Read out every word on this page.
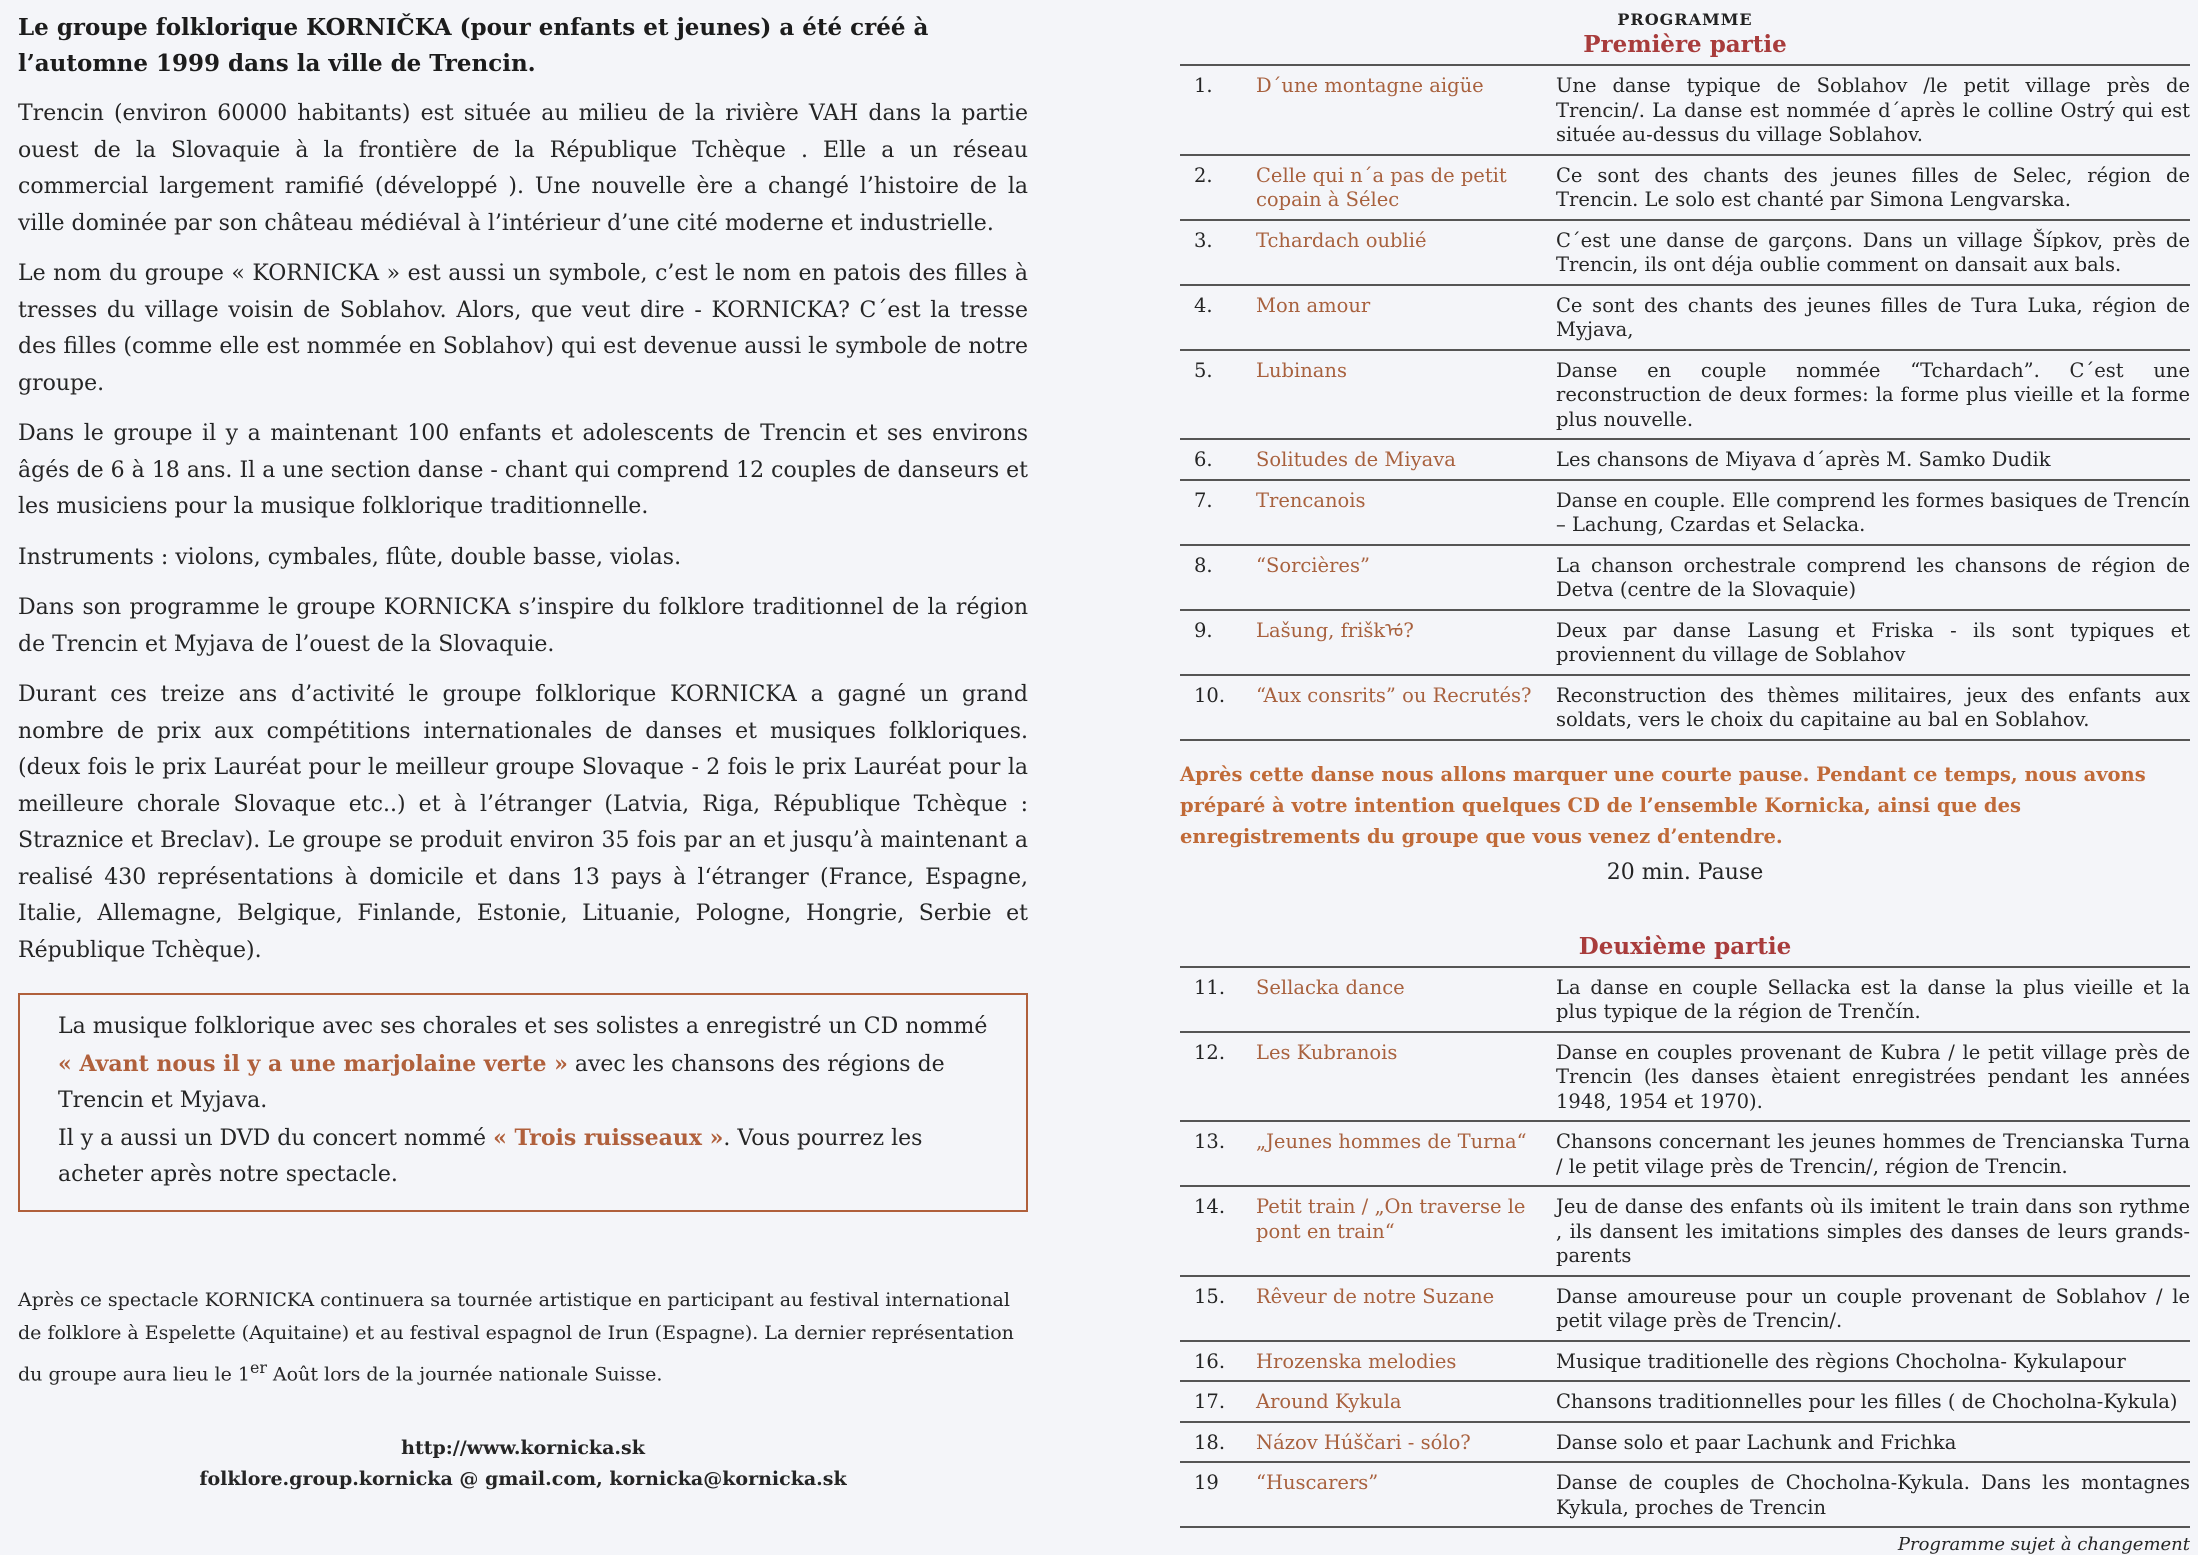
Le groupe folklorique KORNIČKA (pour enfants et jeunes) a été créé à l’automne 1999 dans la ville de Trencin.

Trencin (environ 60000 habitants) est située au milieu de la rivière VAH dans la partie ouest de la Slovaquie à la frontière de la République Tchèque . Elle a un réseau commercial largement ramifié (développé ). Une nouvelle ère a changé l’histoire de la ville dominée par son château médiéval à l’intérieur d’une cité moderne et industrielle.

Le nom du groupe « KORNICKA » est aussi un symbole, c’est le nom en patois des filles à tresses du village voisin de Soblahov. Alors, que veut dire - KORNICKA? C´est la tresse des filles (comme elle est nommée en Soblahov) qui est devenue aussi le symbole de notre groupe.

Dans le groupe il y a maintenant 100 enfants et adolescents de Trencin et ses environs âgés de 6 à 18 ans. Il a une section danse - chant qui comprend 12 couples de danseurs et les musiciens pour la musique folklorique traditionnelle.

Instruments : violons, cymbales, flûte, double basse, violas.

Dans son programme le groupe KORNICKA s’inspire du folklore traditionnel de la région de Trencin et Myjava de l’ouest de la Slovaquie.

Durant ces treize ans d’activité le groupe folklorique KORNICKA a gagné un grand nombre de prix aux compétitions internationales de danses et musiques folkloriques. (deux fois le prix Lauréat pour le meilleur groupe Slovaque - 2 fois le prix Lauréat pour la meilleure chorale Slovaque etc..) et à l’étranger (Latvia, Riga, République Tchèque : Straznice et Breclav). Le groupe se produit environ 35 fois par an et jusqu’à maintenant a realisé 430 représentations à domicile et dans 13 pays à l‘étranger (France, Espagne, Italie, Allemagne, Belgique, Finlande, Estonie, Lituanie, Pologne, Hongrie, Serbie et République Tchèque).

La musique folklorique avec ses chorales et ses solistes a enregistré un CD nommé « Avant nous il y a une marjolaine verte » avec les chansons des régions de Trencin et Myjava.
Il y a aussi un DVD du concert nommé « Trois ruisseaux ». Vous pourrez les acheter après notre spectacle.

Après ce spectacle KORNICKA continuera sa tournée artistique en participant au festival international de folklore à Espelette (Aquitaine) et au festival espagnol de Irun (Espagne). La dernier représentation du groupe aura lieu le 1er Août lors de la journée nationale Suisse.

http://www.kornicka.sk
folklore.group.kornicka @ gmail.com, kornicka@kornicka.sk
PROGRAMME
Première partie
1.	D´une montagne aigüe	Une danse typique de Soblahov /le petit village près de Trencin/. La danse est nommée d´après le colline Ostrý qui est située au-dessus du village Soblahov.
2.	Celle qui n´a pas de petit copain à Sélec	Ce sont des chants des jeunes filles de Selec, région de Trencin. Le solo est chanté par Simona Lengvarska.
3.	Tchardach oublié	C´est une danse de garçons. Dans un village Šípkov, près de Trencin, ils ont déja oublie comment on dansait aux bals.
4.	Mon amour	Ce sont des chants des jeunes filles de Tura Luka, région de Myjava,
5.	Lubinans	Danse en couple nommée “Tchardach”. C´est une reconstruction de deux formes: la forme plus vieille et la forme plus nouvelle.
6.	Solitudes de Miyava	Les chansons de Miyava d´après M. Samko Dudik
7.	Trencanois	Danse en couple. Elle comprend les formes basiques de Trencín – Lachung, Czardas et Selacka.
8.	“Sorcières”	La chanson orchestrale comprend les chansons de région de Detva (centre de la Slovaquie)
9.	Lašung, friškᡠ?	Deux par danse Lasung et Friska - ils sont typiques et proviennent du village de Soblahov
10.	“Aux consrits” ou Recrutés?	Reconstruction des thèmes militaires, jeux des enfants aux soldats, vers le choix du capitaine au bal en Soblahov.

Après cette danse nous allons marquer une courte pause. Pendant ce temps, nous avons préparé à votre intention quelques CD de l’ensemble Kornicka, ainsi que des enregistrements du groupe que vous venez d’entendre.

20 min. Pause
Deuxième partie
11.	Sellacka dance	La danse en couple Sellacka est la danse la plus vieille et la plus typique de la région de Trenčín.
12.	Les Kubranois	Danse en couples provenant de Kubra / le petit village près de Trencin (les danses ètaient enregistrées pendant les années 1948, 1954 et 1970).
13.	„Jeunes hommes de Turna“	Chansons concernant les jeunes hommes de Trencianska Turna / le petit vilage près de Trencin/, région de Trencin.
14.	Petit train / „On traverse le pont en train“	Jeu de danse des enfants où ils imitent le train dans son rythme , ils dansent les imitations simples des danses de leurs grands-parents
15.	Rêveur de notre Suzane	Danse amoureuse pour un couple provenant de Soblahov / le petit vilage près de Trencin/.
16.	Hrozenska melodies	Musique traditionelle des règions Chocholna- Kykulapour
17.	Around Kykula	Chansons traditionnelles pour les filles ( de Chocholna-Kykula)
18.	Názov Húščari - sólo?	Danse solo et paar Lachunk and Frichka
19	“Huscarers”	Danse de couples de Chocholna-Kykula. Dans les montagnes Kykula, proches de Trencin
Programme sujet à changement
